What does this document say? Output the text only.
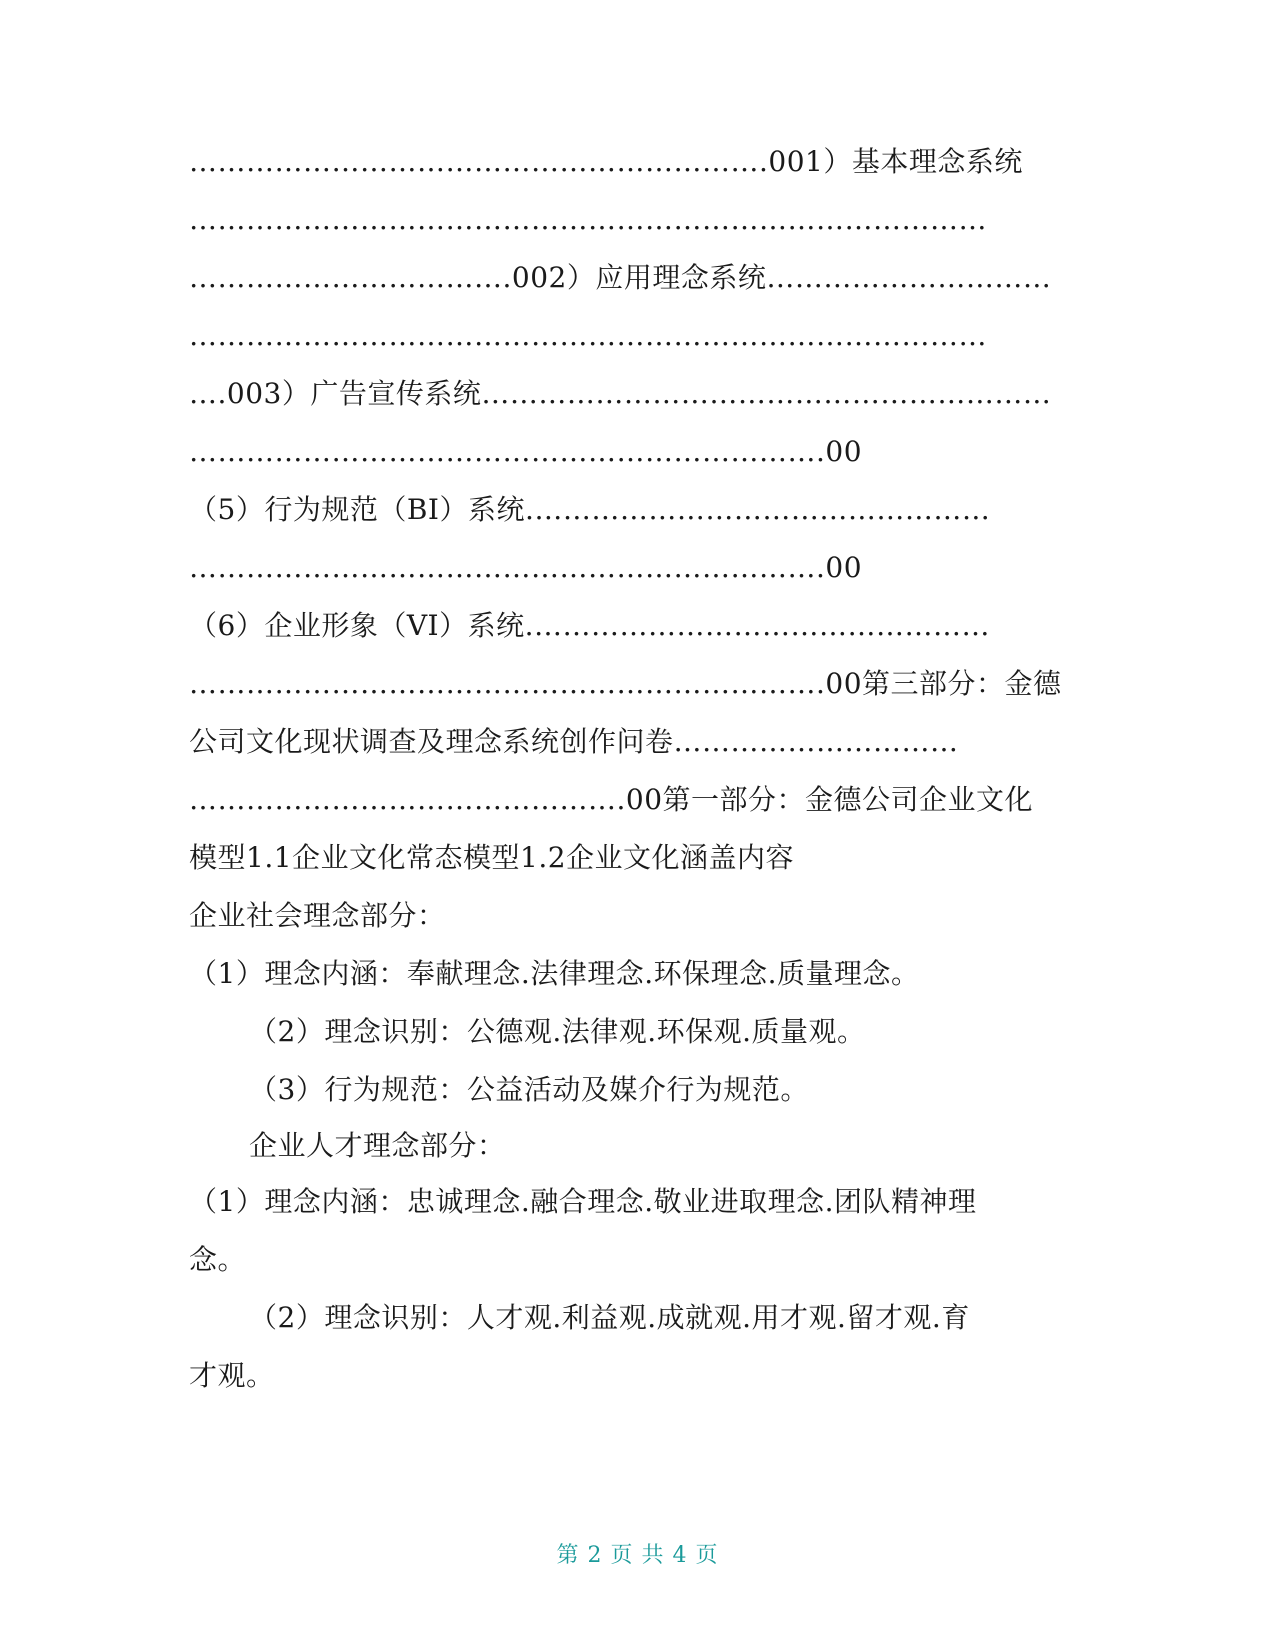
…………………………………………………….001）基本理念系统
…………………………………………………………………………
…………………………….002）应用理念系统…………………………
…………………………………………………………………………
….003）广告宣传系统……………………………………………………
………………………………………………………….00
（5）行为规范（BI）系统.…………………………………………
………………………………………………………….00
（6）企业形象（VI）系统.…………………………………………
………………………………………………………….00第三部分：金德
公司文化现状调查及理念系统创作问卷…………………………
……………………………………….00第一部分：金德公司企业文化
模型1.1企业文化常态模型1.2企业文化涵盖内容
企业社会理念部分：
（1）理念内涵：奉献理念.法律理念.环保理念.质量理念。
（2）理念识别：公德观.法律观.环保观.质量观。
（3）行为规范：公益活动及媒介行为规范。
企业人才理念部分：
（1）理念内涵：忠诚理念.融合理念.敬业进取理念.团队精神理
念。
（2）理念识别：人才观.利益观.成就观.用才观.留才观.育
才观。
第 2 页 共 4 页
